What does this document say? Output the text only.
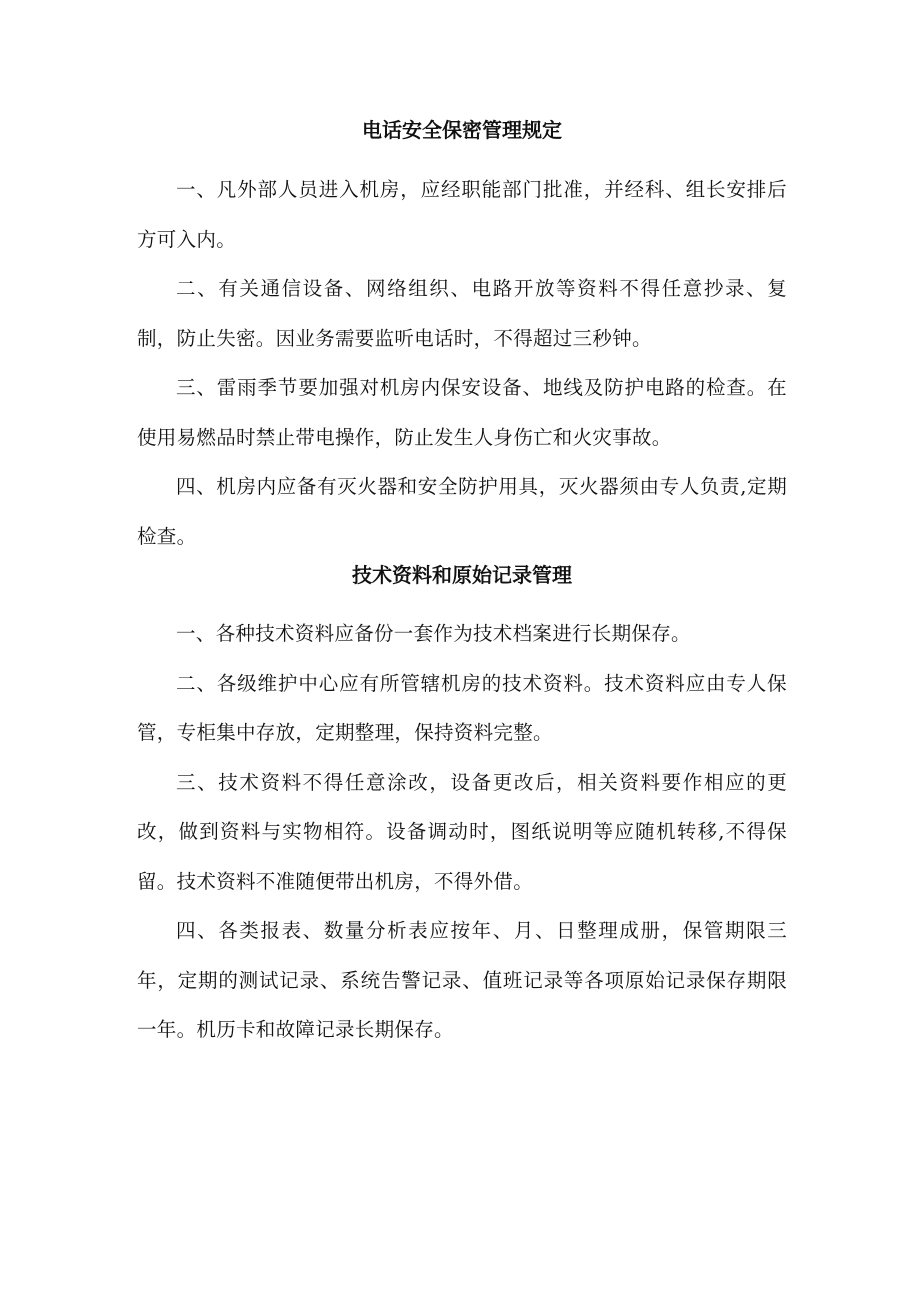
电话安全保密管理规定

一、凡外部人员进入机房，应经职能部门批准，并经科、组长安排后方可入内。

二、有关通信设备、网络组织、电路开放等资料不得任意抄录、复制，防止失密。因业务需要监听电话时，不得超过三秒钟。

三、雷雨季节要加强对机房内保安设备、地线及防护电路的检查。在使用易燃品时禁止带电操作，防止发生人身伤亡和火灾事故。

四、机房内应备有灭火器和安全防护用具，灭火器须由专人负责,定期检查。

技术资料和原始记录管理

一、各种技术资料应备份一套作为技术档案进行长期保存。

二、各级维护中心应有所管辖机房的技术资料。技术资料应由专人保管，专柜集中存放，定期整理，保持资料完整。

三、技术资料不得任意涂改，设备更改后，相关资料要作相应的更改，做到资料与实物相符。设备调动时，图纸说明等应随机转移,不得保留。技术资料不准随便带出机房，不得外借。

四、各类报表、数量分析表应按年、月、日整理成册，保管期限三年，定期的测试记录、系统告警记录、值班记录等各项原始记录保存期限一年。机历卡和故障记录长期保存。
